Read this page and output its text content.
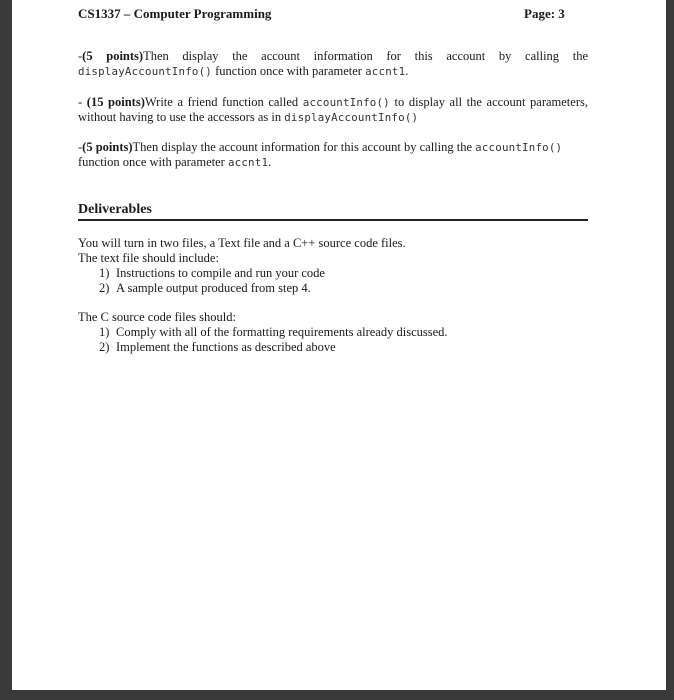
CS1337 – Computer Programming	Page: 3
-(5 points)Then display the account information for this account by calling the displayAccountInfo() function once with parameter accnt1.
- (15 points)Write a friend function called accountInfo() to display all the account parameters, without having to use the accessors as in displayAccountInfo()
-(5 points)Then display the account information for this account by calling the accountInfo() function once with parameter accnt1.
Deliverables
You will turn in two files, a Text file and a C++ source code files.
The text file should include:
1) Instructions to compile and run your code
2) A sample output produced from step 4.
The C source code files should:
1) Comply with all of the formatting requirements already discussed.
2) Implement the functions as described above
